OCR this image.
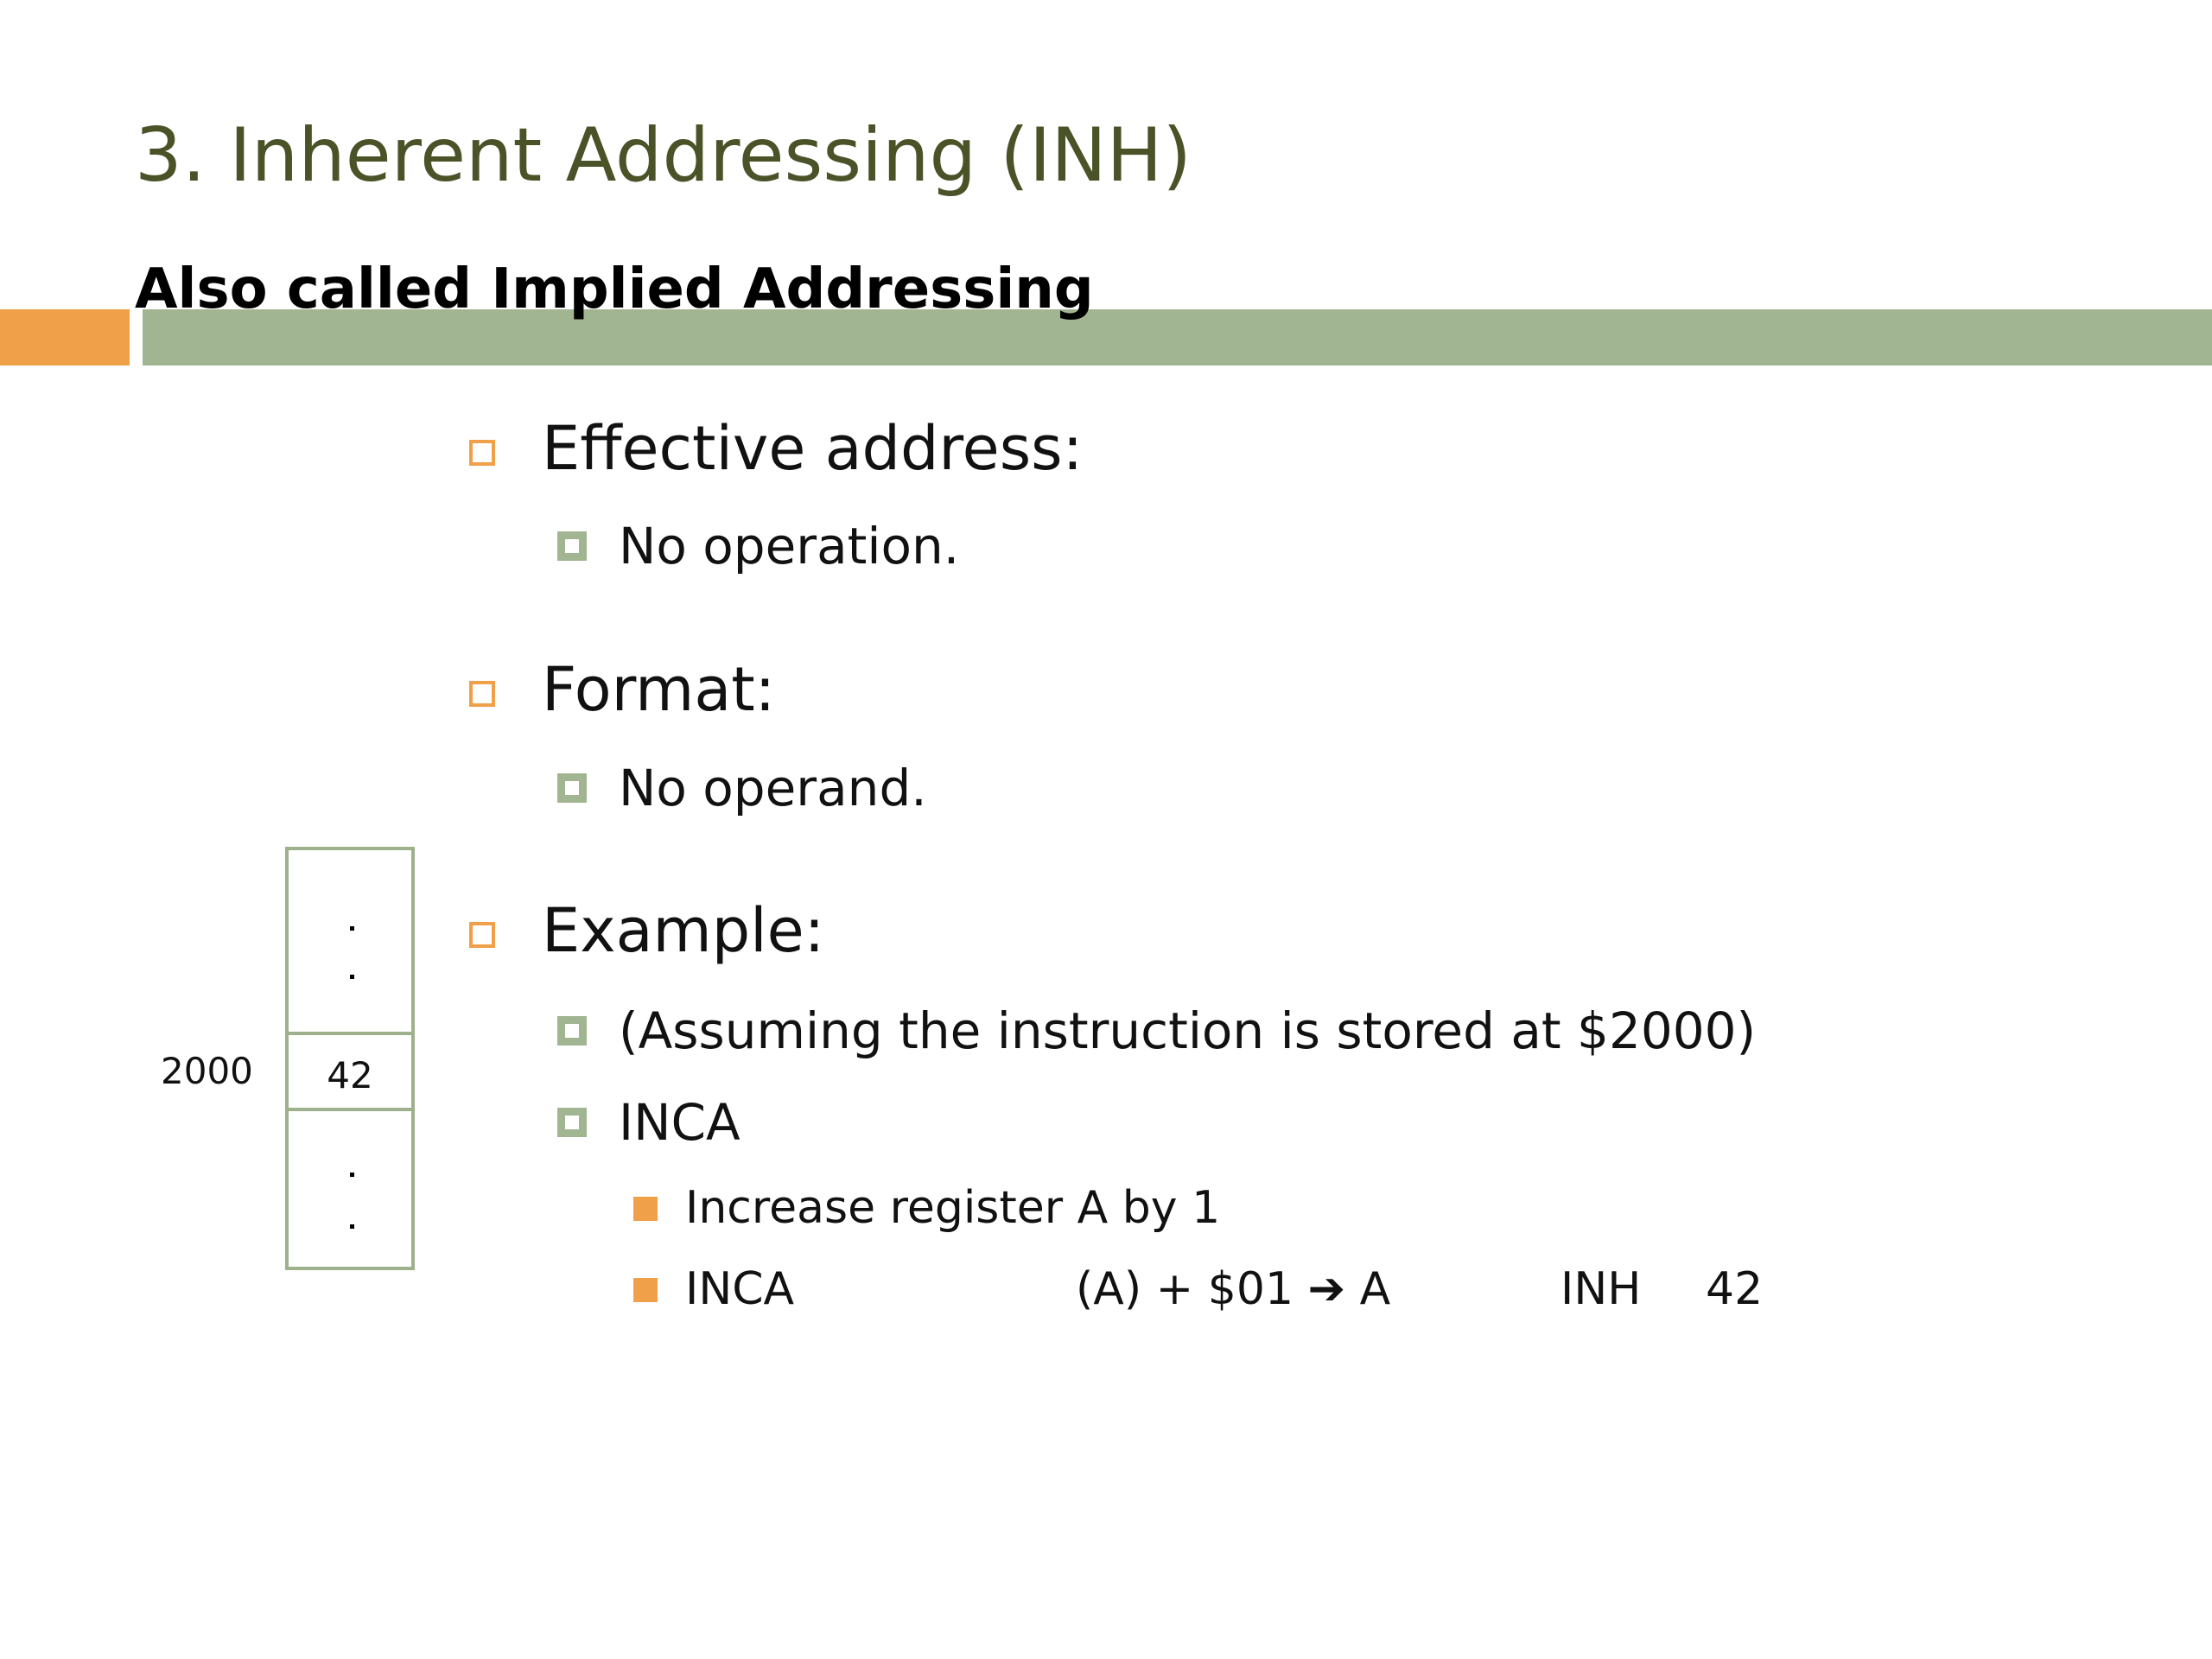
3. Inherent Addressing (INH)
Also called Implied Addressing
Effective address:
No operation.
Format:
No operand.
Example:
(Assuming the instruction is stored at $2000)
INCA
Increase register A by 1
INCA	(A) + $01 ➔ A	INH 42
2000	42
